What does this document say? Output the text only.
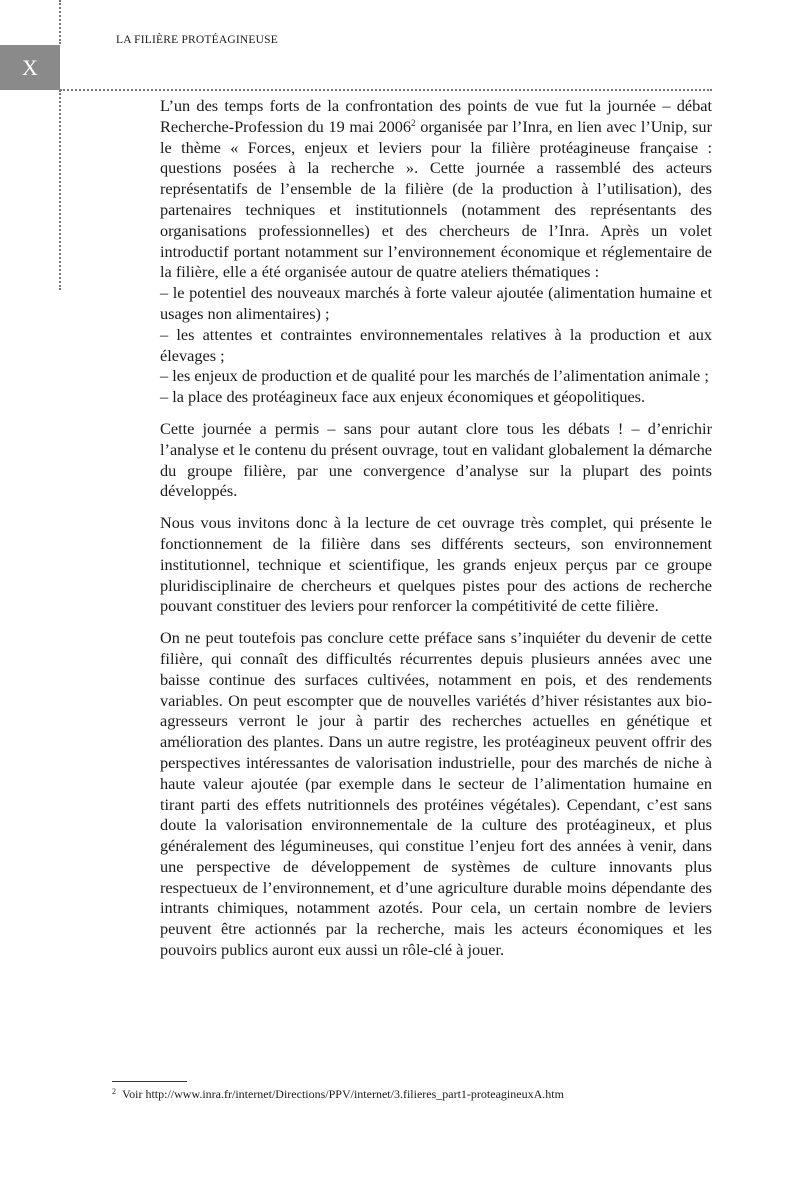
X
LA FILIÈRE PROTÉAGINEUSE

L’un des temps forts de la confrontation des points de vue fut la journée – débat Recherche-Profession du 19 mai 2006$^2$ organisée par l’Inra, en lien avec l’Unip, sur le thème « Forces, enjeux et leviers pour la filière protéagineuse française : questions posées à la recherche ». Cette journée a rassemblé des acteurs représentatifs de l’ensemble de la filière (de la production à l’utilisation), des partenaires techniques et institutionnels (notamment des représentants des organisations professionnelles) et des chercheurs de l’Inra. Après un volet introductif portant notamment sur l’environnement économique et réglementaire de la filière, elle a été organisée autour de quatre ateliers thématiques :
– le potentiel des nouveaux marchés à forte valeur ajoutée (alimentation humaine et usages non alimentaires) ;
– les attentes et contraintes environnementales relatives à la production et aux élevages ;
– les enjeux de production et de qualité pour les marchés de l’alimentation animale ;
– la place des protéagineux face aux enjeux économiques et géopolitiques.

Cette journée a permis – sans pour autant clore tous les débats ! – d’enrichir l’analyse et le contenu du présent ouvrage, tout en validant globalement la démarche du groupe filière, par une convergence d’analyse sur la plupart des points développés.

Nous vous invitons donc à la lecture de cet ouvrage très complet, qui présente le fonctionnement de la filière dans ses différents secteurs, son environnement institutionnel, technique et scientifique, les grands enjeux perçus par ce groupe pluridisciplinaire de chercheurs et quelques pistes pour des actions de recherche pouvant constituer des leviers pour renforcer la compétitivité de cette filière.

On ne peut toutefois pas conclure cette préface sans s’inquiéter du devenir de cette filière, qui connaît des difficultés récurrentes depuis plusieurs années avec une baisse continue des surfaces cultivées, notamment en pois, et des rendements variables. On peut escompter que de nouvelles variétés d’hiver résistantes aux bio-agresseurs verront le jour à partir des recherches actuelles en génétique et amélioration des plantes. Dans un autre registre, les protéagineux peuvent offrir des perspectives intéressantes de valorisation industrielle, pour des marchés de niche à haute valeur ajoutée (par exemple dans le secteur de l’alimentation humaine en tirant parti des effets nutritionnels des protéines végétales). Cependant, c’est sans doute la valorisation environnementale de la culture des protéagineux, et plus généralement des légumineuses, qui constitue l’enjeu fort des années à venir, dans une perspective de développement de systèmes de culture innovants plus respectueux de l’environnement, et d’une agriculture durable moins dépendante des intrants chimiques, notamment azotés. Pour cela, un certain nombre de leviers peuvent être actionnés par la recherche, mais les acteurs économiques et les pouvoirs publics auront eux aussi un rôle-clé à jouer.

$^2$ Voir http://www.inra.fr/internet/Directions/PPV/internet/3.filieres_part1-proteagineuxA.htm
